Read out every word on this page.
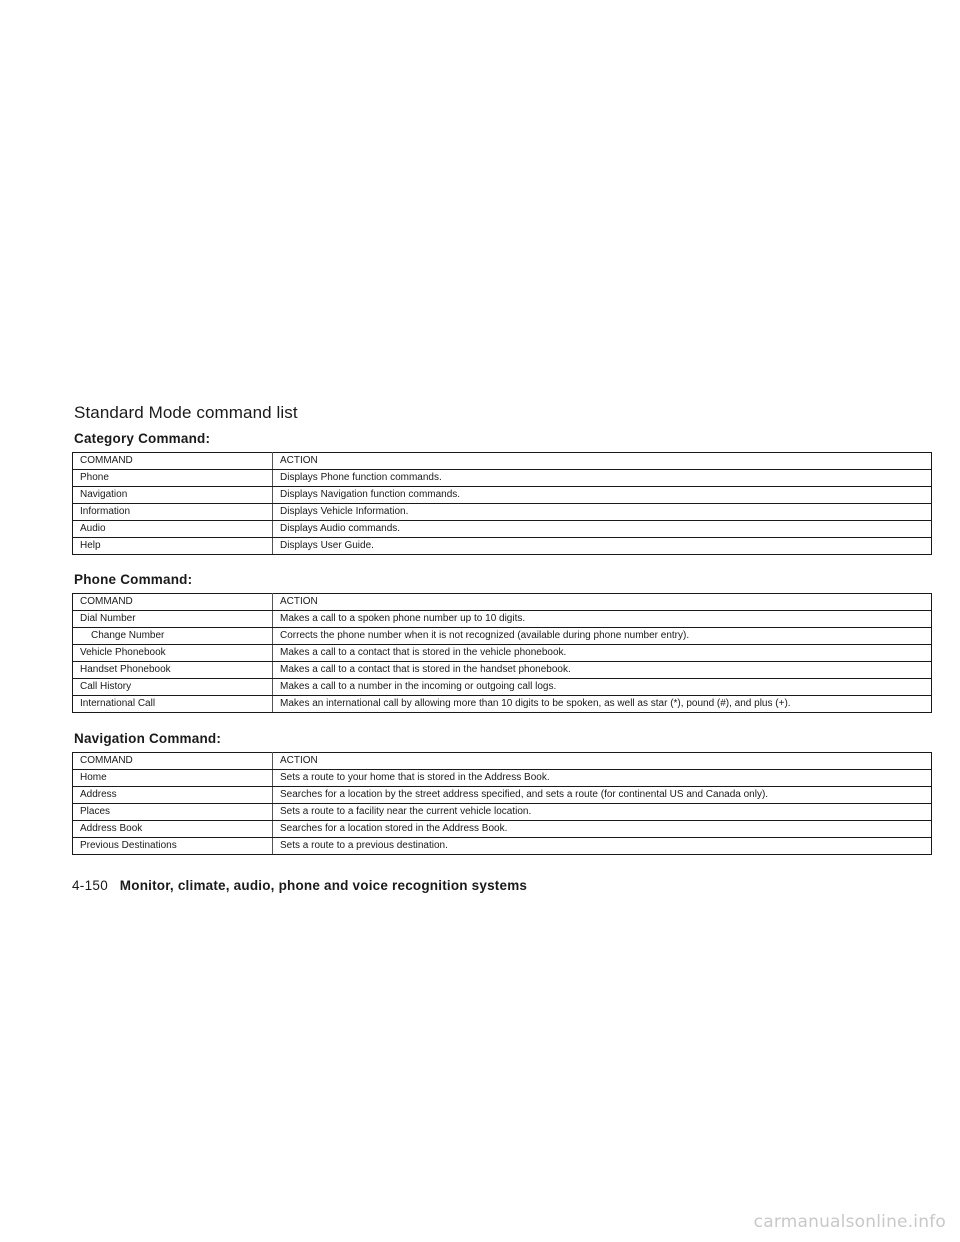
Standard Mode command list
Category Command:
COMMAND	ACTION
Phone	Displays Phone function commands.
Navigation	Displays Navigation function commands.
Information	Displays Vehicle Information.
Audio	Displays Audio commands.
Help	Displays User Guide.
Phone Command:
COMMAND	ACTION
Dial Number	Makes a call to a spoken phone number up to 10 digits.
Change Number	Corrects the phone number when it is not recognized (available during phone number entry).
Vehicle Phonebook	Makes a call to a contact that is stored in the vehicle phonebook.
Handset Phonebook	Makes a call to a contact that is stored in the handset phonebook.
Call History	Makes a call to a number in the incoming or outgoing call logs.
International Call	Makes an international call by allowing more than 10 digits to be spoken, as well as star (*), pound (#), and plus (+).
Navigation Command:
COMMAND	ACTION
Home	Sets a route to your home that is stored in the Address Book.
Address	Searches for a location by the street address specified, and sets a route (for continental US and Canada only).
Places	Sets a route to a facility near the current vehicle location.
Address Book	Searches for a location stored in the Address Book.
Previous Destinations	Sets a route to a previous destination.
4-150 Monitor, climate, audio, phone and voice recognition systems
carmanualsonline.info
